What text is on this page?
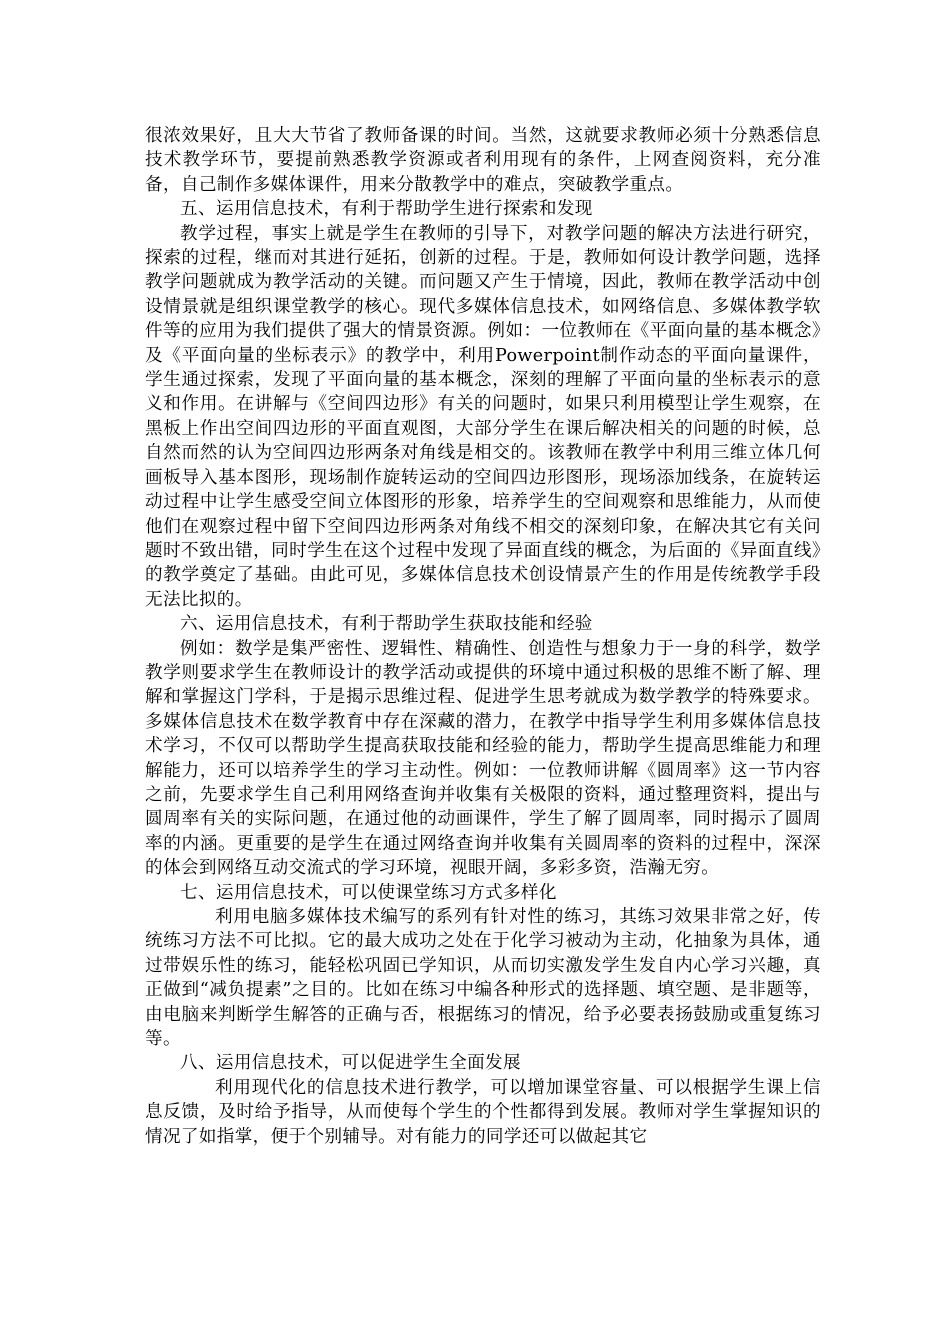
很浓效果好，且大大节省了教师备课的时间。当然，这就要求教师必须十分熟悉信息技术教学环节，要提前熟悉教学资源或者利用现有的条件，上网查阅资料，充分准备，自己制作多媒体课件，用来分散教学中的难点，突破教学重点。

五、运用信息技术，有利于帮助学生进行探索和发现

教学过程，事实上就是学生在教师的引导下，对教学问题的解决方法进行研究，探索的过程，继而对其进行延拓，创新的过程。于是，教师如何设计教学问题，选择教学问题就成为教学活动的关键。而问题又产生于情境，因此，教师在教学活动中创设情景就是组织课堂教学的核心。现代多媒体信息技术，如网络信息、多媒体教学软件等的应用为我们提供了强大的情景资源。例如：一位教师在《平面向量的基本概念》及《平面向量的坐标表示》的教学中，利用Powerpoint制作动态的平面向量课件，学生通过探索，发现了平面向量的基本概念，深刻的理解了平面向量的坐标表示的意义和作用。在讲解与《空间四边形》有关的问题时，如果只利用模型让学生观察，在黑板上作出空间四边形的平面直观图，大部分学生在课后解决相关的问题的时候，总自然而然的认为空间四边形两条对角线是相交的。该教师在教学中利用三维立体几何画板导入基本图形，现场制作旋转运动的空间四边形图形，现场添加线条，在旋转运动过程中让学生感受空间立体图形的形象，培养学生的空间观察和思维能力，从而使他们在观察过程中留下空间四边形两条对角线不相交的深刻印象，在解决其它有关问题时不致出错，同时学生在这个过程中发现了异面直线的概念，为后面的《异面直线》的教学奠定了基础。由此可见，多媒体信息技术创设情景产生的作用是传统教学手段无法比拟的。

六、运用信息技术，有利于帮助学生获取技能和经验

例如：数学是集严密性、逻辑性、精确性、创造性与想象力于一身的科学，数学教学则要求学生在教师设计的教学活动或提供的环境中通过积极的思维不断了解、理解和掌握这门学科，于是揭示思维过程、促进学生思考就成为数学教学的特殊要求。多媒体信息技术在数学教育中存在深藏的潜力，在教学中指导学生利用多媒体信息技术学习，不仅可以帮助学生提高获取技能和经验的能力，帮助学生提高思维能力和理解能力，还可以培养学生的学习主动性。例如：一位教师讲解《圆周率》这一节内容之前，先要求学生自己利用网络查询并收集有关极限的资料，通过整理资料，提出与圆周率有关的实际问题，在通过他的动画课件，学生了解了圆周率，同时揭示了圆周率的内涵。更重要的是学生在通过网络查询并收集有关圆周率的资料的过程中，深深的体会到网络互动交流式的学习环境，视眼开阔，多彩多资，浩瀚无穷。

七、运用信息技术，可以使课堂练习方式多样化

利用电脑多媒体技术编写的系列有针对性的练习，其练习效果非常之好，传统练习方法不可比拟。它的最大成功之处在于化学习被动为主动，化抽象为具体，通过带娱乐性的练习，能轻松巩固已学知识，从而切实激发学生发自内心学习兴趣，真正做到“减负提素”之目的。比如在练习中编各种形式的选择题、填空题、是非题等，由电脑来判断学生解答的正确与否，根据练习的情况，给予必要表扬鼓励或重复练习等。

八、运用信息技术，可以促进学生全面发展

利用现代化的信息技术进行教学，可以增加课堂容量、可以根据学生课上信息反馈，及时给予指导，从而使每个学生的个性都得到发展。教师对学生掌握知识的情况了如指掌，便于个别辅导。对有能力的同学还可以做起其它
